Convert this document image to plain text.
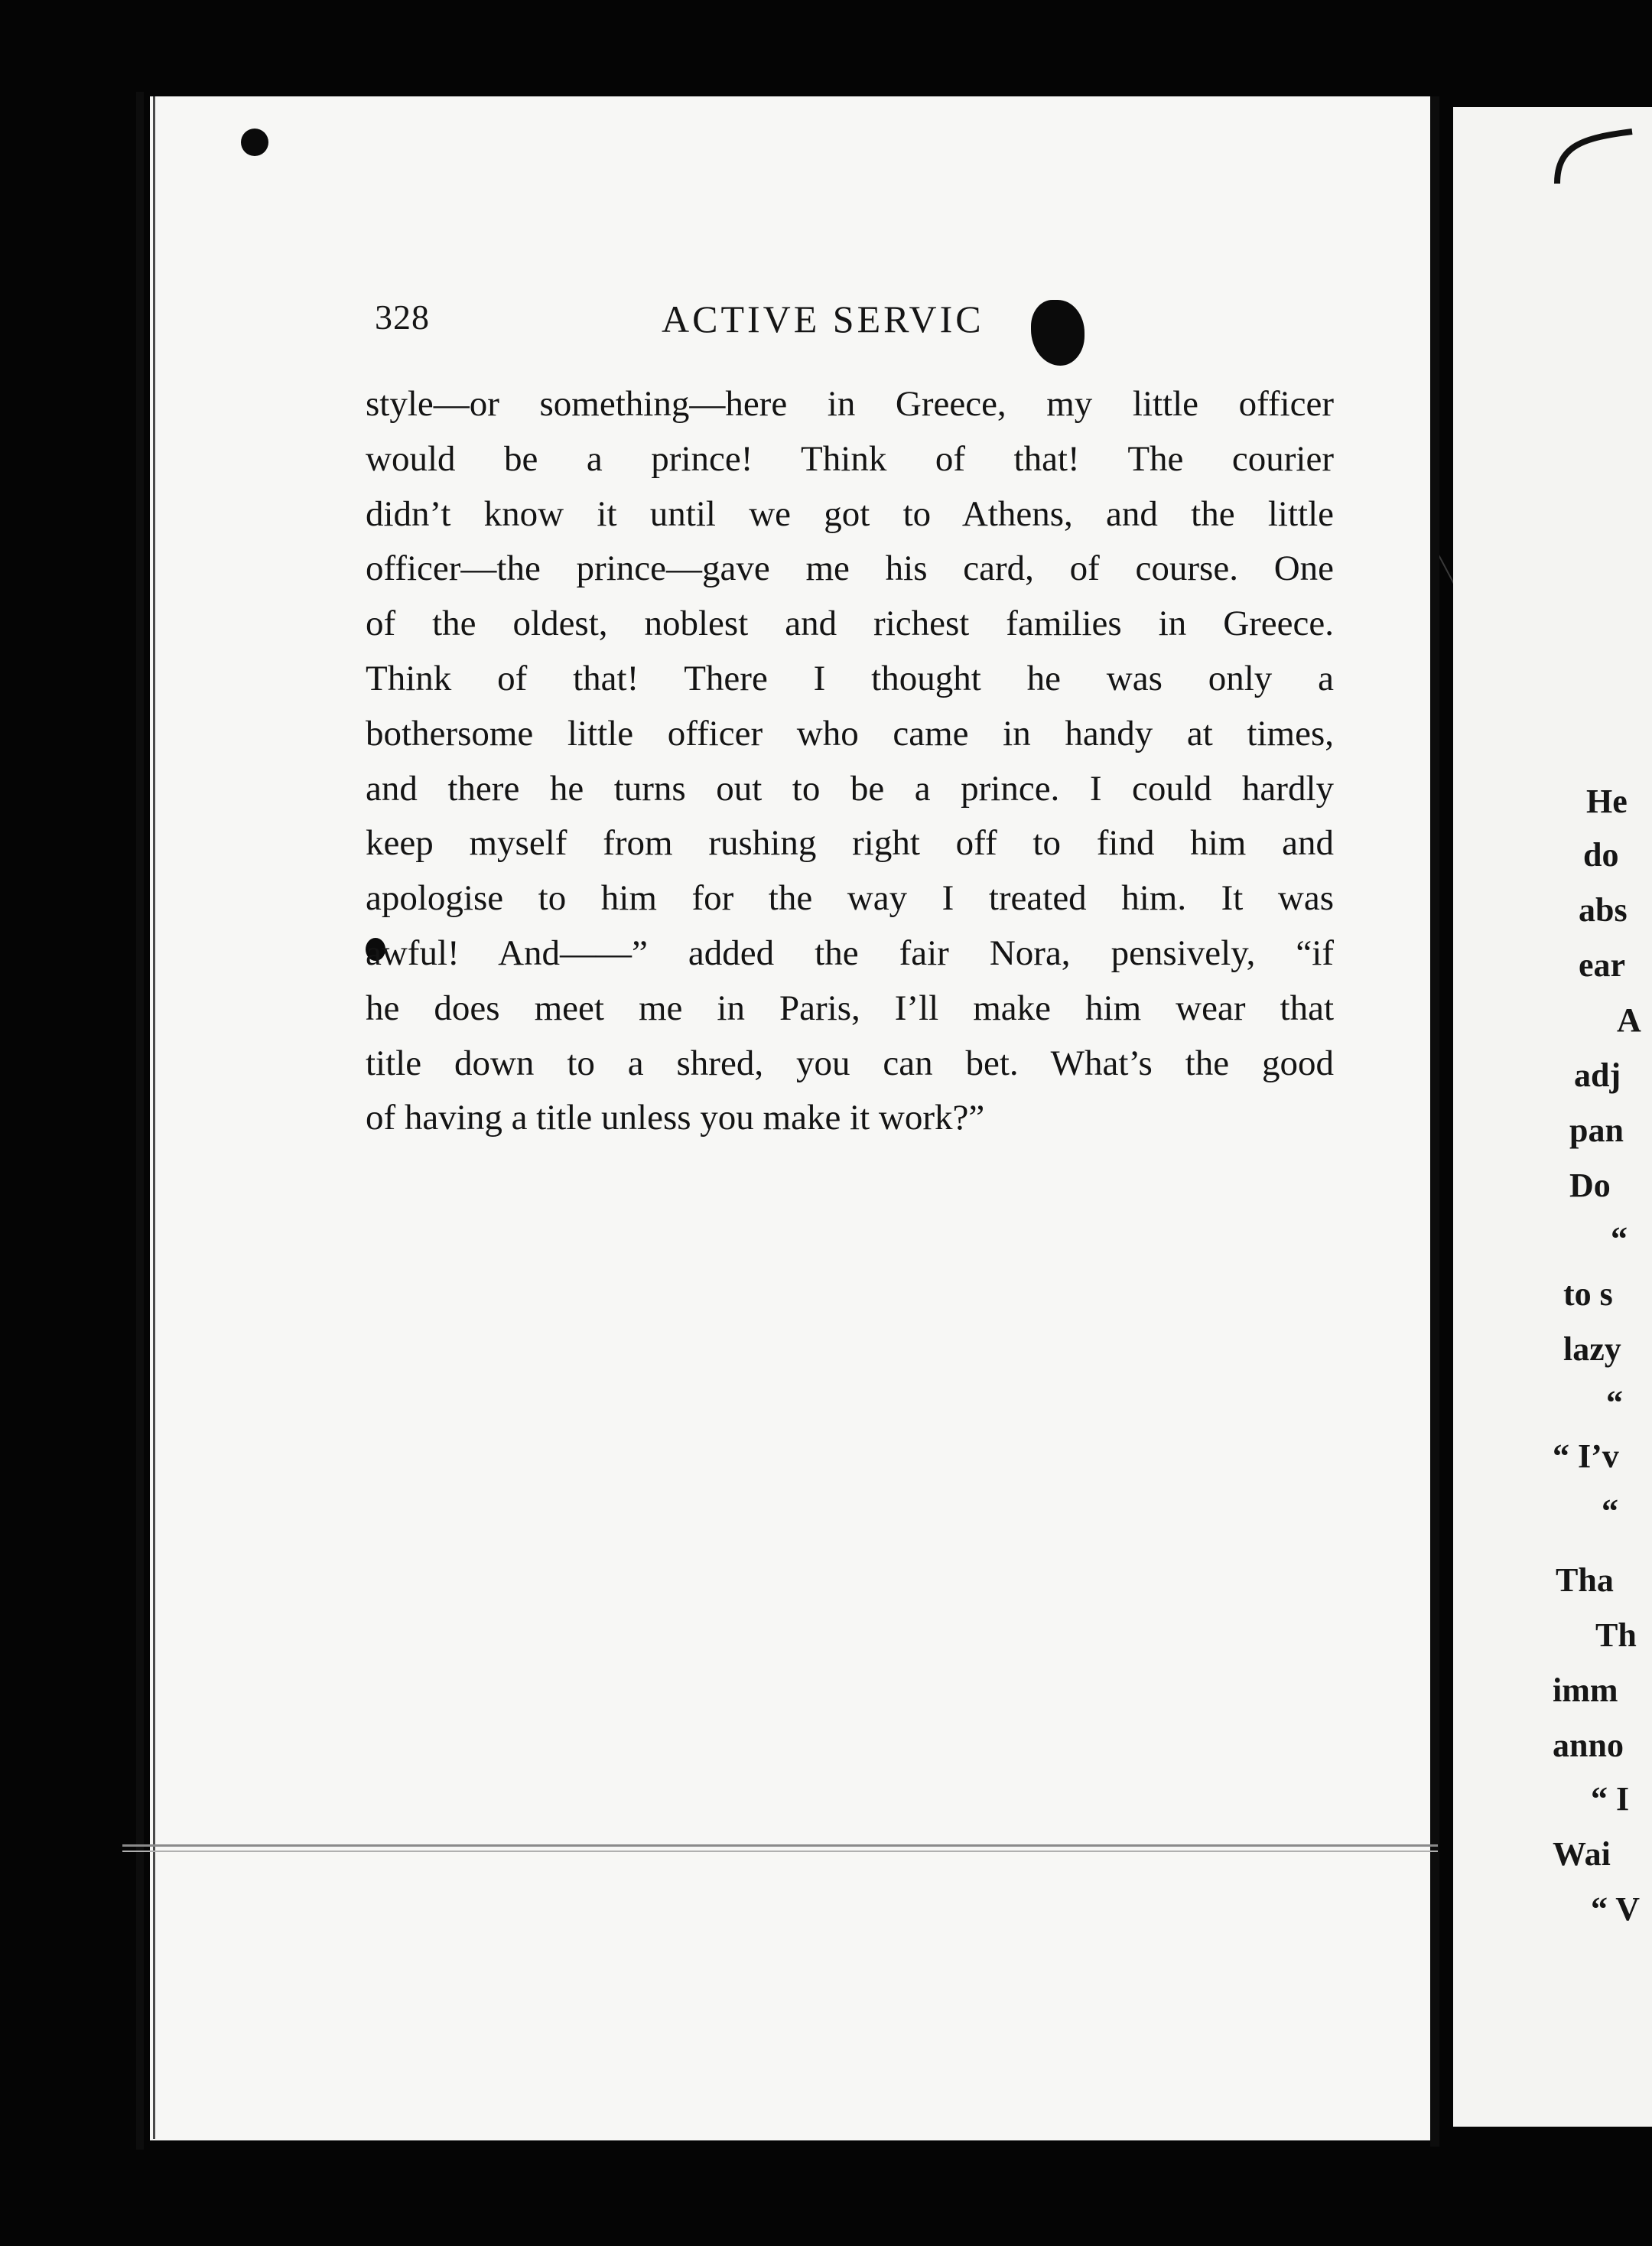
328	ACTIVE SERVIC
style—or something—here in Greece, my little officer
would be a prince! Think of that! The courier
didn’t know it until we got to Athens, and the little
officer—the prince—gave me his card, of course. One
of the oldest, noblest and richest families in Greece.
Think of that! There I thought he was only a
bothersome little officer who came in handy at times,
and there he turns out to be a prince. I could hardly
keep myself from rushing right off to find him and
apologise to him for the way I treated him. It was
awful! And——” added the fair Nora, pensively, “if
he does meet me in Paris, I’ll make him wear that
title down to a shred, you can bet. What’s the good
of having a title unless you make it work?”
He
do
abs
ear
A
adj
pan
Do
“
to s
lazy
“
“ I’v
“
Tha
Th
imm
anno
“ I
Wai
“ V
